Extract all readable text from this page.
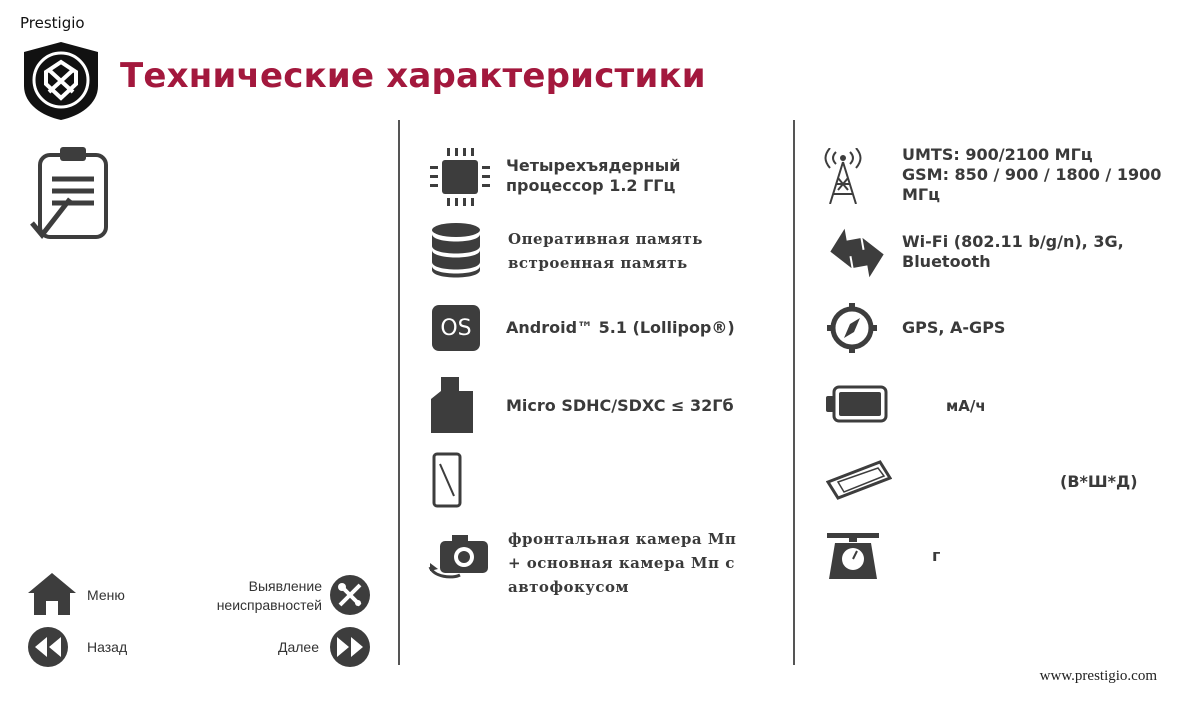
Prestigio
Технические характеристики
Четырехъядерный
процессор 1.2 ГГц
Оперативная память
встроенная память
OS Android™ 5.1 (Lollipop®)
Micro SDHC/SDXC ≤ 32Гб
фронтальная камера Мп
+ основная камера Мп с
автофокусом
UMTS: 900/2100 МГц
GSM: 850 / 900 / 1800 / 1900
МГц
Wi-Fi (802.11 b/g/n), 3G,
Bluetooth
GPS, A-GPS
мА/ч
(В*Ш*Д)
г
Меню
Выявление
неисправностей
Назад	Далее
www.prestigio.com
